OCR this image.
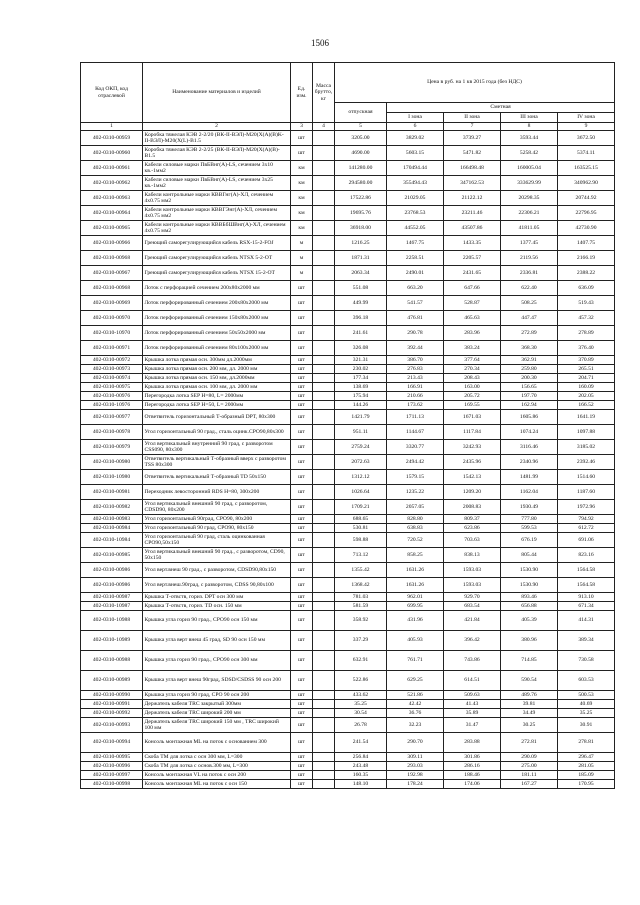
1506
Код ОКП, код отраслевой	Наименование материалов и изделий	Ед. изм.	Масса брутто, кг	Цена в руб. на 1 кв 2015 года (без НДС)				
				отпускная	Сметная			
					I зона	II зона	III зона	IV зона
1	2	3	4	5	6	7	8	9
402-0310-00959	Коробка тяжелая КЭВ 2-2/20 (ВК-II-ВЭЛ)-M20(X(A)(B)K-II-ВЭЛ)-M20(X(L)-B1.5	шт		3205.00	3829.02	3739.27	3593.44	3672.50
402-0310-00960	Коробка тяжелая КЭВ 2-2/25 (ВК-II-ВЭЛ)-M20(X(A)(B)-B1.5	шт		4690.00	5603.15	5471.82	5258.42	5374.11
402-0310-00961	Кабели силовые марки ПвБВнг(А)-LS, сечением 3х10 кв.-1мм2	км		141280.00	170494.44	166498.48	160005.04	163525.15
402-0310-00962	Кабели силовые марки ПвБВнг(А)-LS, сечением 3х25 кв.-1мм2	км		294580.00	355494.43	347162.53	333629.99	340962.90
402-0310-00963	Кабели контрольные марки КВВГнг(А)-ХЛ, сечением 4х0.75 мм2	км		17522.86	21029.05	21122.12	20298.35	20744.92
402-0310-00964	Кабели контрольные марки КВВГЭнг(А)-ХЛ, сечением 4х0.75 мм2	км		19695.76	23768.53	23211.46	22306.21	22796.95
402-0310-00965	Кабели контрольные марки КВВБбШВнг(А)-ХЛ, сечением 4х0.75 мм2	км		36918.00	44552.05	43507.86	41811.05	42730.90
402-0310-00966	Греющий саморегулирующийся кабель RSX-15-2-FOJ	м		1216.25	1467.75	1433.35	1377.45	1407.75
402-0310-00968	Греющий саморегулирующийся кабель NTSX 5-2-OT	м		1871.31	2258.51	2205.57	2119.56	2166.19
402-0310-00967	Греющий саморегулирующийся кабель NTSX 15-2-OT	м		2063.34	2490.01	2431.65	2336.81	2388.22
402-0310-00968	Лоток с перфорацией сечением 200х80х2000 мм	шт		551.08	663.20	647.66	622.40	636.09
402-0310-00969	Лоток перфорированный сечением 200х80х2000 мм	шт		449.99	541.57	528.87	508.25	519.43
402-0310-00970	Лоток перфорированный сечением 150х80х2000 мм	шт		396.18	476.81	465.63	447.47	457.32
402-0310-10970	Лоток перфорированный сечением 50х50х2000 мм	шт		241.61	290.78	283.96	272.89	278.89
402-0310-00971	Лоток перфорированный сечением 80х100х2000 мм	шт		326.08	392.44	383.24	368.30	376.40
402-0310-00972	Крышка лотка прямая осн. 300мм дл.2000мм	шт		321.31	386.70	377.64	362.91	370.89
402-0310-00973	Крышка лотка прямая осн. 200 мм, дл. 2000 мм	шт		230.02	276.83	270.34	259.80	265.51
402-0310-00974	Крышка лотка прямая осн. 150 мм, дл.2000мм	шт		177.34	213.43	208.43	200.30	204.71
402-0310-00975	Крышка лотка прямая осн. 100 мм, дл. 2000 мм	шт		138.69	166.91	163.00	156.65	160.09
402-0310-00976	Перегородка лотка SEP H=80, L= 2000мм	шт		175.94	210.66	205.72	197.70	202.05
402-0310-10976	Перегородка лотка SEP H=50, L= 2000мм	шт		144.26	173.62	169.55	162.94	166.52
402-0310-00977	Ответвитель горизонтальный Т-образный DPT, 80х300	шт		1421.79	1711.13	1671.03	1605.86	1641.19
402-0310-00978	Угол горизонтальный 90 град., сталь оцинк.CPO90,80х300	шт		951.11	1144.67	1117.84	1074.24	1097.88
402-0310-00979	Угол вертикальный внутренний 90 град, с разворотом CSS090, 80х300	шт		2759.24	3320.77	3242.93	3116.46	3185.02
402-0310-00980	Ответвитель вертикальный Т-образный вверх с разворотом TSS 80х300	шт		2072.63	2494.42	2435.96	2340.96	2392.46
402-0310-10980	Ответвитель вертикальный Т-образный TD 50х150	шт		1312.12	1579.15	1542.13	1481.99	1514.60
402-0310-00981	Переходник левосторонний RDS H=80, 300х200	шт		1026.64	1235.22	1209.20	1162.04	1187.60
402-0310-00982	Угол вертикальный внешний 90 град, с разворотом, CDSD90, 80х200	шт		1709.21	2057.05	2008.83	1930.49	1972.96
402-0310-00983	Угол горизонтальный 90град, CPO90, 80х200	шт		688.65	828.80	809.37	777.80	794.92
402-0310-00984	Угол горизонтальный 90 град, CPO90, 80х150	шт		530.81	638.83	623.86	599.53	612.72
402-0310-10984	Угол горизонтальный 90 град, сталь оцинкованная CPO90,50х150	шт		598.88	720.52	703.63	676.19	691.06
402-0310-00985	Угол вертикальный внешний 90 град., с разворотом, CD90, 50х150	шт		713.12	858.25	838.13	805.44	823.16
402-0310-00986	Угол верт.внеш 90 град., с разворотом, CDSD90,80х150	шт		1355.42	1631.26	1593.03	1530.90	1564.58
402-0310-00986	Угол верт.внеш.90град, с разворотом, CDSS 90,80х100	шт		1368.42	1631.26	1593.03	1530.90	1564.58
402-0310-00987	Крышка Т-отвств, гориз. DPT осн 300 мм	шт		781.03	962.01	929.70	893.46	913.10
402-0310-10987	Крышка Т-отвств, гориз. TD осн. 150 мм	шт		581.59	699.95	683.54	656.88	671.34
402-0310-10988	Крышка угла гориз 90 град., CPO90 осн 150 мм	шт		358.92	431.96	421.84	405.39	414.31
402-0310-10989	Крышка угла верт внеш 45 град, SD 90 осн 150 мм	шт		337.29	405.93	396.42	380.96	389.34
402-0310-00988	Крышка угла гориз 90 град., CPO90 осн 300 мм	шт		632.91	761.71	743.86	714.85	730.58
402-0310-00989	Крышка угла верт внеш 90град, SDSD/CSDSS 90 осн 200	шт		522.86	629.25	614.51	590.54	603.53
402-0310-00990	Крышка угла гориз 90 град, CPO 90 осн 200	шт		433.62	521.86	509.63	489.76	500.53
402-0310-00991	Держатель кабеля TRC закрытый 300мм	шт		35.25	42.42	41.43	39.81	40.69
402-0310-00992	Держатель кабеля TRC широкий 200 мм	шт		30.54	36.76	35.89	34.49	35.25
402-0310-00993	Держатель кабеля TRC широкий 150 мм , TRC широкий 100 мм	шт		26.78	32.23	31.47	30.25	30.91
402-0310-00994	Консоль монтажная ML на поток с основанием 300	шт		241.54	290.70	283.88	272.81	278.81
402-0310-00995	Скоба TM для лотка с осн 300 мм, L=300	шт		256.84	309.11	301.86	290.09	296.47
402-0310-00996	Скоба TM для лотка с основ.300 мм, L=300	шт		243.48	293.03	286.16	275.00	281.05
402-0310-00997	Консоль монтажная VL на поток с осн 200	шт		160.35	192.98	188.46	181.11	185.09
402-0310-00998	Консоль монтажная ML на поток с осн 150	шт		148.10	178.24	174.06	167.27	170.95
